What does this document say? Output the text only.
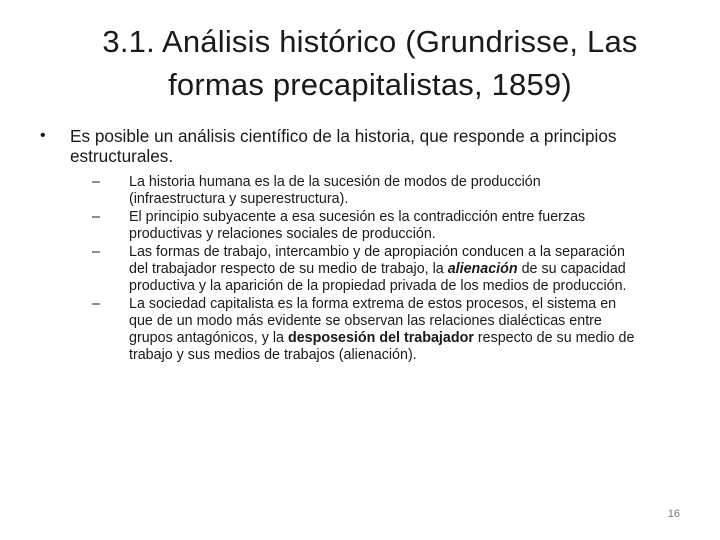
3.1. Análisis histórico (Grundrisse, Las
formas precapitalistas, 1859)
• Es posible un análisis científico de la historia, que responde a principios
estructurales.
– La historia humana es la de la sucesión de modos de producción
(infraestructura y superestructura).
– El principio subyacente a esa sucesión es la contradicción entre fuerzas
productivas y relaciones sociales de producción.
– Las formas de trabajo, intercambio y de apropiación conducen a la separación
del trabajador respecto de su medio de trabajo, la alienación de su capacidad
productiva y la aparición de la propiedad privada de los medios de producción.
– La sociedad capitalista es la forma extrema de estos procesos, el sistema en
que de un modo más evidente se observan las relaciones dialécticas entre
grupos antagónicos, y la desposesión del trabajador respecto de su medio de
trabajo y sus medios de trabajos (alienación).
16
